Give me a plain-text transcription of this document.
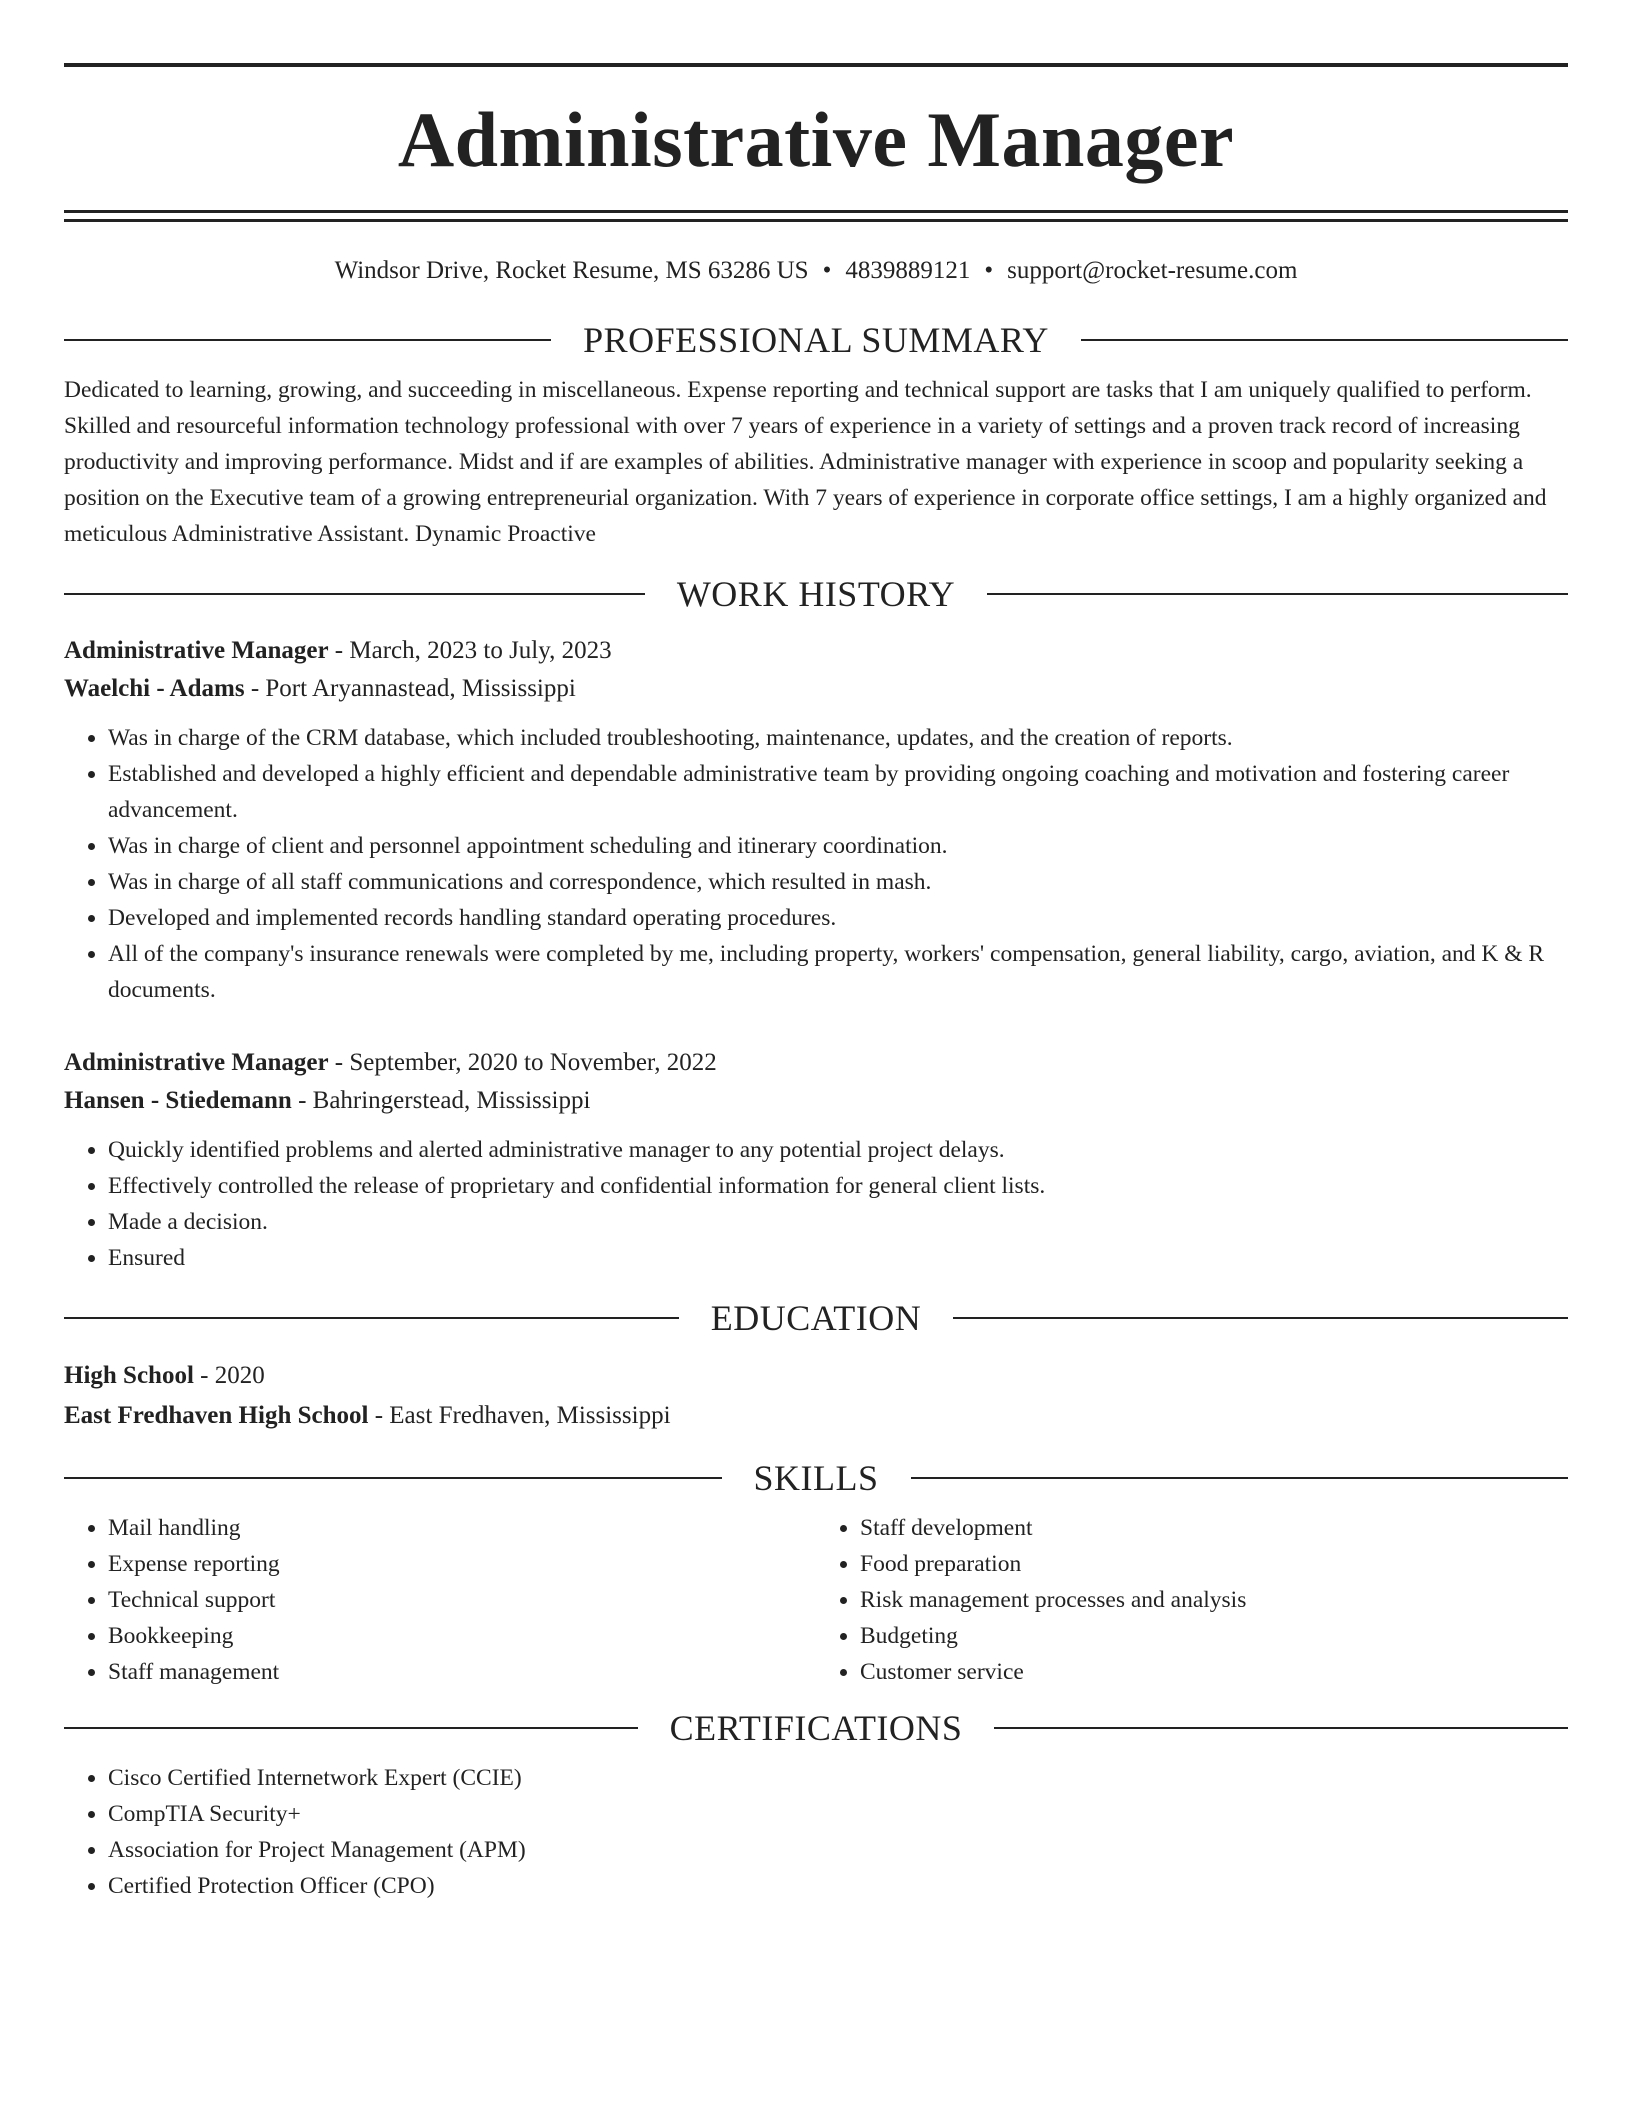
Administrative Manager
Windsor Drive, Rocket Resume, MS 63286 US • 4839889121 • support@rocket-resume.com
PROFESSIONAL SUMMARY

Dedicated to learning, growing, and succeeding in miscellaneous. Expense reporting and technical support are tasks that I am uniquely qualified to perform. Skilled and resourceful information technology professional with over 7 years of experience in a variety of settings and a proven track record of increasing productivity and improving performance. Midst and if are examples of abilities. Administrative manager with experience in scoop and popularity seeking a position on the Executive team of a growing entrepreneurial organization. With 7 years of experience in corporate office settings, I am a highly organized and meticulous Administrative Assistant. Dynamic Proactive

WORK HISTORY
Administrative Manager - March, 2023 to July, 2023
Waelchi - Adams - Port Aryannastead, Mississippi
• Was in charge of the CRM database, which included troubleshooting, maintenance, updates, and the creation of reports.
• Established and developed a highly efficient and dependable administrative team by providing ongoing coaching and motivation and fostering career advancement.
• Was in charge of client and personnel appointment scheduling and itinerary coordination.
• Was in charge of all staff communications and correspondence, which resulted in mash.
• Developed and implemented records handling standard operating procedures.
• All of the company's insurance renewals were completed by me, including property, workers' compensation, general liability, cargo, aviation, and K & R documents.
Administrative Manager - September, 2020 to November, 2022
Hansen - Stiedemann - Bahringerstead, Mississippi
• Quickly identified problems and alerted administrative manager to any potential project delays.
• Effectively controlled the release of proprietary and confidential information for general client lists.
• Made a decision.
• Ensured
EDUCATION
High School - 2020
East Fredhaven High School - East Fredhaven, Mississippi
SKILLS
• Mail handling
• Expense reporting
• Technical support
• Bookkeeping
• Staff management
• Staff development
• Food preparation
• Risk management processes and analysis
• Budgeting
• Customer service
CERTIFICATIONS
• Cisco Certified Internetwork Expert (CCIE)
• CompTIA Security+
• Association for Project Management (APM)
• Certified Protection Officer (CPO)
